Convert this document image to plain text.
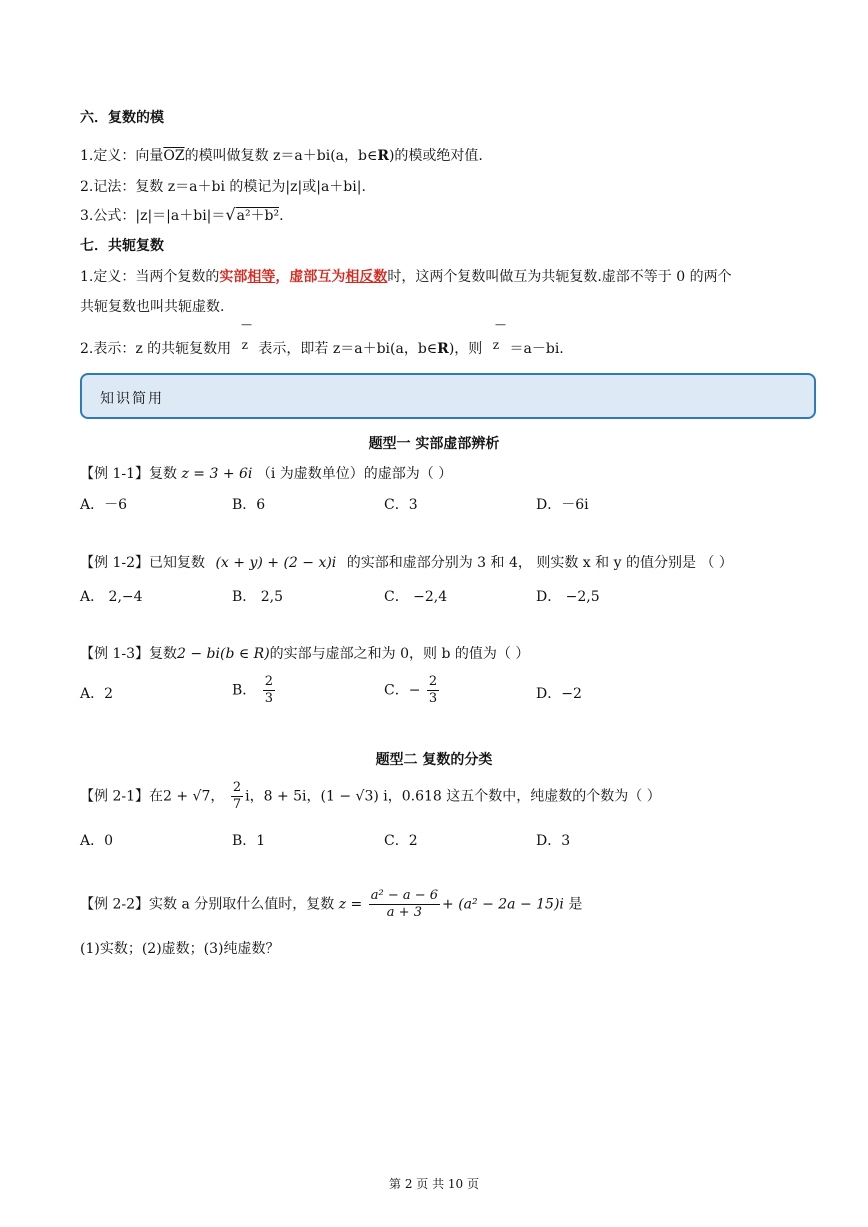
六．复数的模
1.定义：向量$\overline{OZ}$的模叫做复数 z＝a＋bi(a，b∈R)的模或绝对值.
2.记法：复数 z＝a＋bi 的模记为|z|或|a＋bi|.
3.公式：|z|＝|a＋bi|＝√a²＋b².
七．共轭复数
1.定义：当两个复数的实部相等，虚部互为相反数时，这两个复数叫做互为共轭复数.虚部不等于 0 的两个
共轭复数也叫共轭虚数.
—	—
2.表示：z 的共轭复数用 z 表示，即若 z＝a＋bi(a，b∈R)，则 z ＝a－bi.
知识简用
题型一 实部虚部辨析
【例 1-1】复数 z = 3 + 6i （i 为虚数单位）的虚部为（ ）
A．－6	B．6	C．3	D．－6i
【例 1-2】已知复数 (x + y) + (2 − x)i 的实部和虚部分别为 3 和 4， 则实数 x 和 y 的值分别是 （ ）
A． 2,−4	B． 2,5	C． −2,4	D． −2,5
【例 1-3】复数2 − bi(b ∈ R)的实部与虚部之和为 0，则 b 的值为（ ）
A．2	B． $\frac{2}{3}$	C．− $\frac{2}{3}$	D．−2
题型二 复数的分类
【例 2-1】在2 + √7， $\frac{2}{7}$ i，8 + 5i，(1 − √3) i，0.618 这五个数中，纯虚数的个数为（ ）
A．0	B．1	C．2	D．3
【例 2-2】实数 a 分别取什么值时，复数 $z = \frac{\text{a² − a − 6}}{a + 3} + (a^2 - 2a - 15)i$ 是
(1)实数；(2)虚数；(3)纯虚数？
第 2 页 共 10 页
